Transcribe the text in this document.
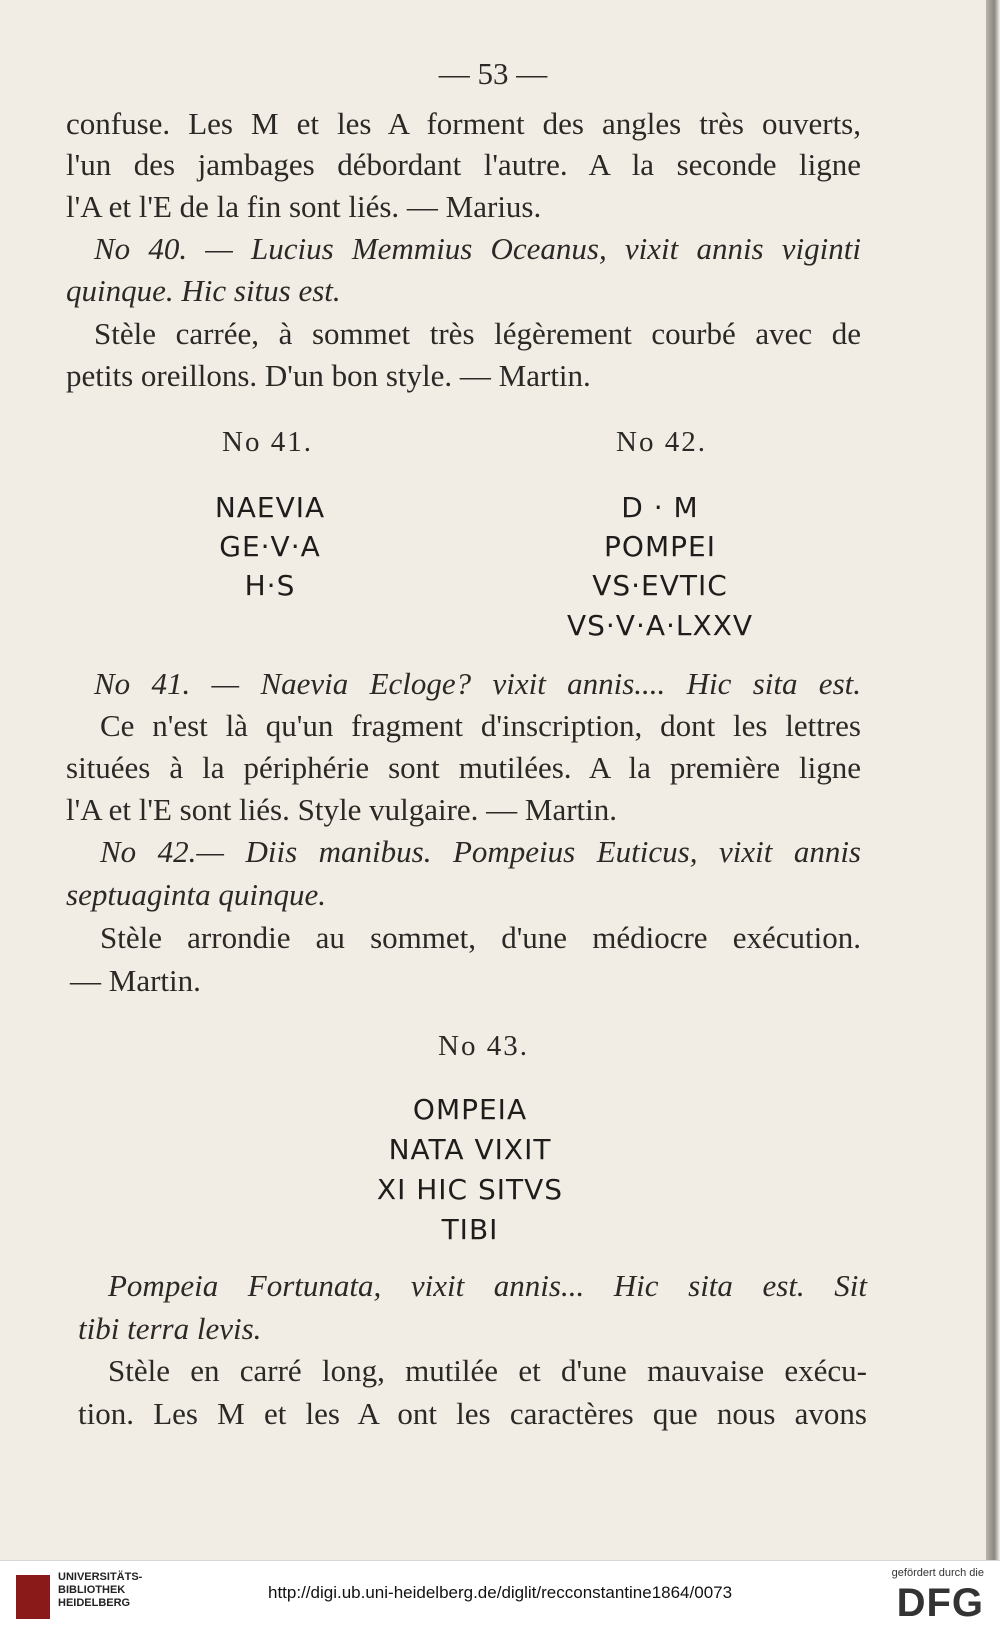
— 53 —
confuse. Les M et les A forment des angles très ouverts,
l'un des jambages débordant l'autre. A la seconde ligne
l'A et l'E de la fin sont liés. — Marius.
No 40. — Lucius Memmius Oceanus, vixit annis viginti
quinque. Hic situs est.
Stèle carrée, à sommet très légèrement courbé avec de
petits oreillons. D'un bon style. — Martin.
No 41.	No 42.
NAEVIA
GE·V·A
H·S
D · M
POMPEI
VS·EVTIC
VS·V·A·LXXV
No 41. — Naevia Ecloge? vixit annis.... Hic sita est.
Ce n'est là qu'un fragment d'inscription, dont les lettres
situées à la périphérie sont mutilées. A la première ligne
l'A et l'E sont liés. Style vulgaire. — Martin.
No 42.— Diis manibus. Pompeius Euticus, vixit annis
septuaginta quinque.
Stèle arrondie au sommet, d'une médiocre exécution.
— Martin.
No 43.
OMPEIA
NATA VIXIT
XI HIC SITVS
TIBI
Pompeia Fortunata, vixit annis... Hic sita est. Sit
tibi terra levis.
Stèle en carré long, mutilée et d'une mauvaise exécu-
tion. Les M et les A ont les caractères que nous avons
UNIVERSITÄTS-
BIBLIOTHEK
HEIDELBERG
http://digi.ub.uni-heidelberg.de/diglit/recconstantine1864/0073
gefördert durch die
DFG
